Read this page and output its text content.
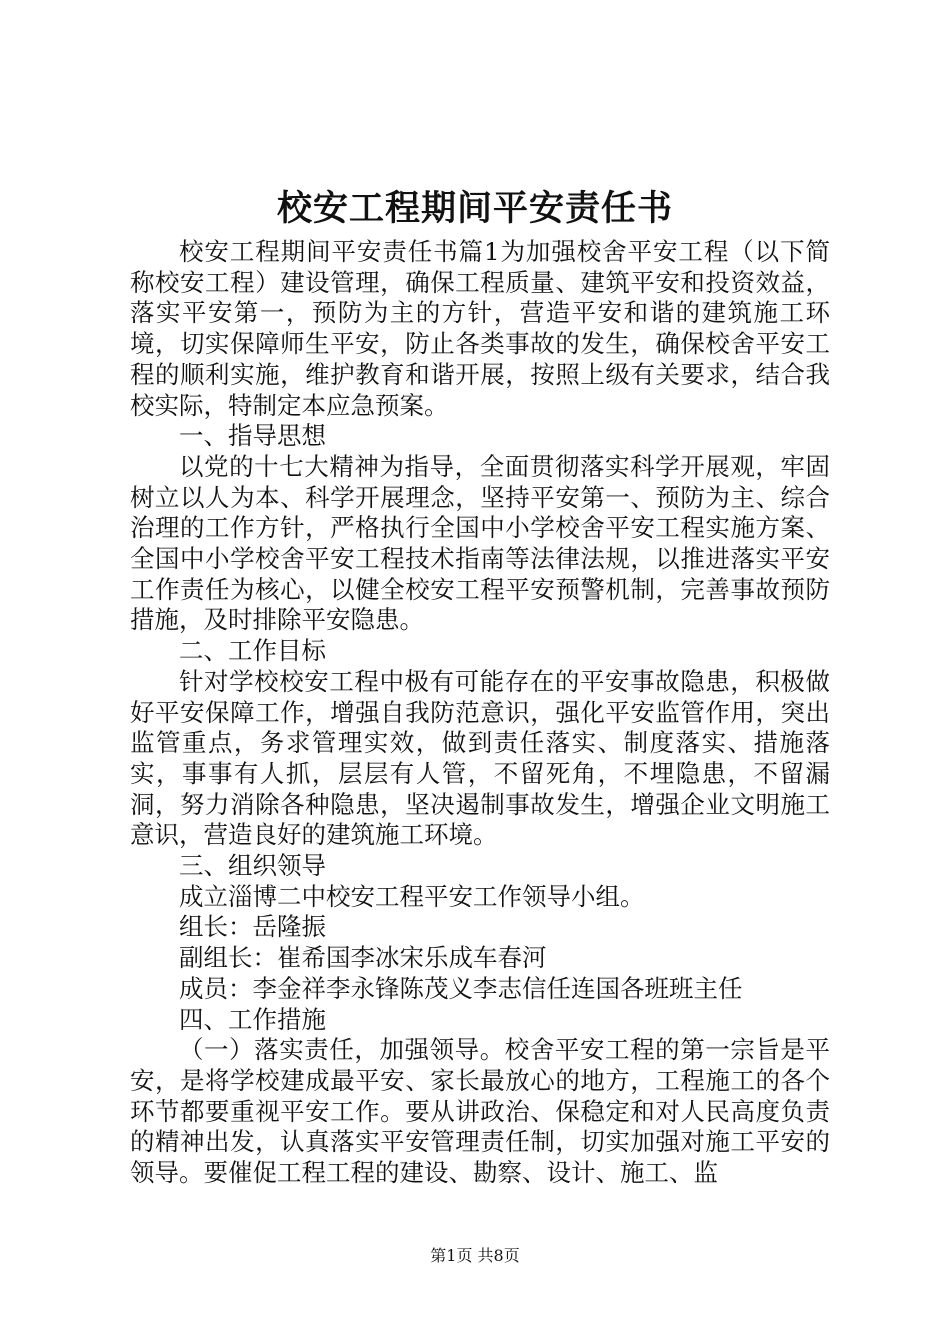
校安工程期间平安责任书

校安工程期间平安责任书篇1为加强校舍平安工程（以下简称校安工程）建设管理，确保工程质量、建筑平安和投资效益，落实平安第一，预防为主的方针，营造平安和谐的建筑施工环境，切实保障师生平安，防止各类事故的发生，确保校舍平安工程的顺利实施，维护教育和谐开展，按照上级有关要求，结合我校实际，特制定本应急预案。

一、指导思想

以党的十七大精神为指导，全面贯彻落实科学开展观，牢固树立以人为本、科学开展理念，坚持平安第一、预防为主、综合治理的工作方针，严格执行全国中小学校舍平安工程实施方案、全国中小学校舍平安工程技术指南等法律法规，以推进落实平安工作责任为核心，以健全校安工程平安预警机制，完善事故预防措施，及时排除平安隐患。

二、工作目标

针对学校校安工程中极有可能存在的平安事故隐患，积极做好平安保障工作，增强自我防范意识，强化平安监管作用，突出监管重点，务求管理实效，做到责任落实、制度落实、措施落实，事事有人抓，层层有人管，不留死角，不埋隐患，不留漏洞，努力消除各种隐患，坚决遏制事故发生，增强企业文明施工意识，营造良好的建筑施工环境。

三、组织领导

成立淄博二中校安工程平安工作领导小组。

组长：岳隆振

副组长：崔希国李冰宋乐成车春河

成员：李金祥李永锋陈茂义李志信任连国各班班主任

四、工作措施

（一）落实责任，加强领导。校舍平安工程的第一宗旨是平安，是将学校建成最平安、家长最放心的地方，工程施工的各个环节都要重视平安工作。要从讲政治、保稳定和对人民高度负责的精神出发，认真落实平安管理责任制，切实加强对施工平安的领导。要催促工程工程的建设、勘察、设计、施工、监

第1页 共8页
